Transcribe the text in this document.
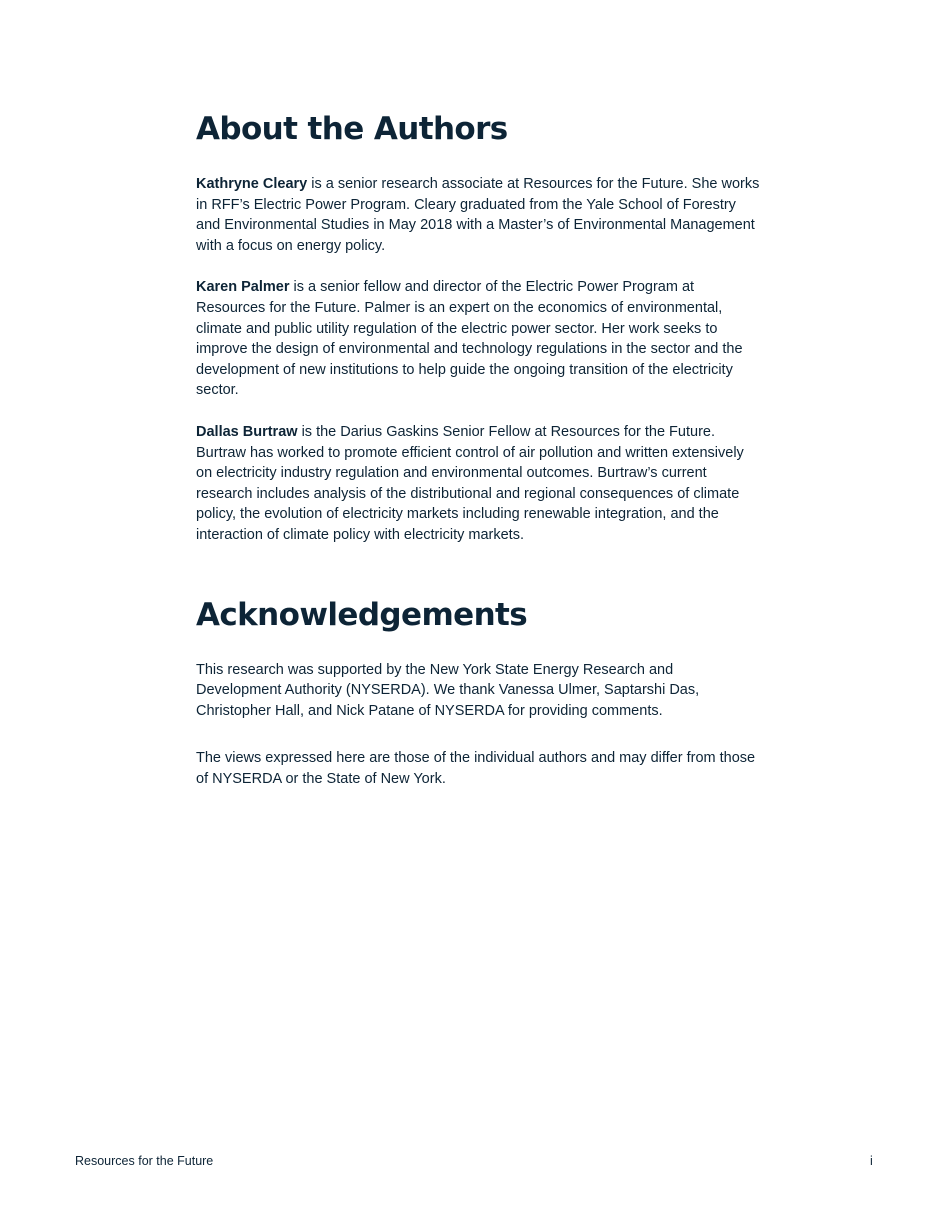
About the Authors

Kathryne Cleary is a senior research associate at Resources for the Future. She works in RFF’s Electric Power Program. Cleary graduated from the Yale School of Forestry and Environmental Studies in May 2018 with a Master’s of Environmental Management with a focus on energy policy.

Karen Palmer is a senior fellow and director of the Electric Power Program at Resources for the Future. Palmer is an expert on the economics of environmental, climate and public utility regulation of the electric power sector. Her work seeks to improve the design of environmental and technology regulations in the sector and the development of new institutions to help guide the ongoing transition of the electricity sector.

Dallas Burtraw is the Darius Gaskins Senior Fellow at Resources for the Future. Burtraw has worked to promote efficient control of air pollution and written extensively on electricity industry regulation and environmental outcomes. Burtraw’s current research includes analysis of the distributional and regional consequences of climate policy, the evolution of electricity markets including renewable integration, and the interaction of climate policy with electricity markets.

Acknowledgements

This research was supported by the New York State Energy Research and Development Authority (NYSERDA). We thank Vanessa Ulmer, Saptarshi Das, Christopher Hall, and Nick Patane of NYSERDA for providing comments.

The views expressed here are those of the individual authors and may differ from those of NYSERDA or the State of New York.

Resources for the Future	i
